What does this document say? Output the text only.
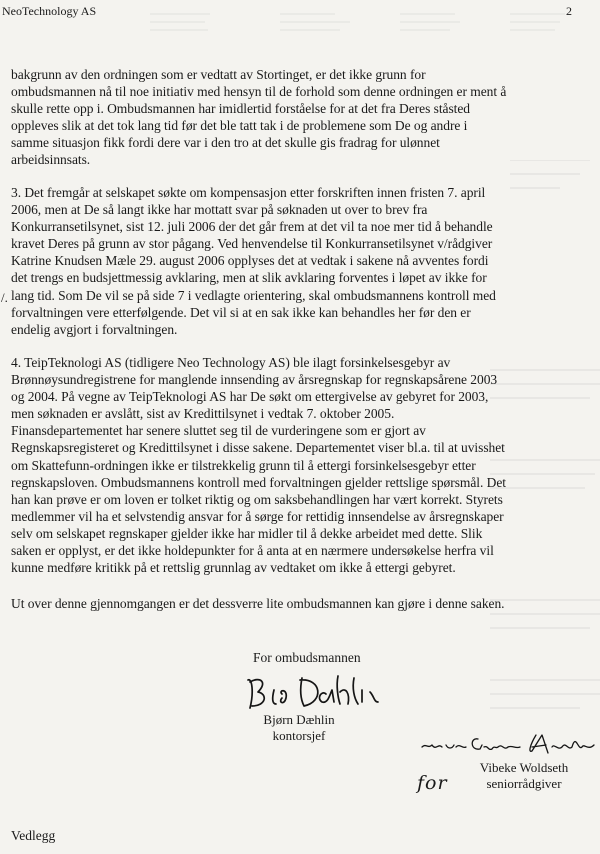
NeoTechnology AS	2
bakgrunn av den ordningen som er vedtatt av Stortinget, er det ikke grunn for
ombudsmannen nå til noe initiativ med hensyn til de forhold som denne ordningen er ment å
skulle rette opp i. Ombudsmannen har imidlertid forståelse for at det fra Deres ståsted
oppleves slik at det tok lang tid før det ble tatt tak i de problemene som De og andre i
samme situasjon fikk fordi dere var i den tro at det skulle gis fradrag for ulønnet
arbeidsinnsats.
3. Det fremgår at selskapet søkte om kompensasjon etter forskriften innen fristen 7. april
2006, men at De så langt ikke har mottatt svar på søknaden ut over to brev fra
Konkurransetilsynet, sist 12. juli 2006 der det går frem at det vil ta noe mer tid å behandle
kravet Deres på grunn av stor pågang. Ved henvendelse til Konkurransetilsynet v/rådgiver
Katrine Knudsen Mæle 29. august 2006 opplyses det at vedtak i sakene nå avventes fordi
det trengs en budsjettmessig avklaring, men at slik avklaring forventes i løpet av ikke for
lang tid. Som De vil se på side 7 i vedlagte orientering, skal ombudsmannens kontroll med
forvaltningen vere etterfølgende. Det vil si at en sak ikke kan behandles her før den er
endelig avgjort i forvaltningen.
/.
4. TeipTeknologi AS (tidligere Neo Technology AS) ble ilagt forsinkelsesgebyr av
Brønnøysundregistrene for manglende innsending av årsregnskap for regnskapsårene 2003
og 2004. På vegne av TeipTeknologi AS har De søkt om ettergivelse av gebyret for 2003,
men søknaden er avslått, sist av Kredittilsynet i vedtak 7. oktober 2005.
Finansdepartementet har senere sluttet seg til de vurderingene som er gjort av
Regnskapsregisteret og Kredittilsynet i disse sakene. Departementet viser bl.a. til at uvisshet
om Skattefunn-ordningen ikke er tilstrekkelig grunn til å ettergi forsinkelsesgebyr etter
regnskapsloven. Ombudsmannens kontroll med forvaltningen gjelder rettslige spørsmål. Det
han kan prøve er om loven er tolket riktig og om saksbehandlingen har vært korrekt. Styrets
medlemmer vil ha et selvstendig ansvar for å sørge for rettidig innsendelse av årsregnskaper
selv om selskapet regnskaper gjelder ikke har midler til å dekke arbeidet med dette. Slik
saken er opplyst, er det ikke holdepunkter for å anta at en nærmere undersøkelse herfra vil
kunne medføre kritikk på et rettslig grunnlag av vedtaket om ikke å ettergi gebyret.
Ut over denne gjennomgangen er det dessverre lite ombudsmannen kan gjøre i denne saken.
For ombudsmannen
Bjørn Dæhlin
kontorsjef
for
Vibeke Woldseth
seniorrådgiver
Vedlegg
